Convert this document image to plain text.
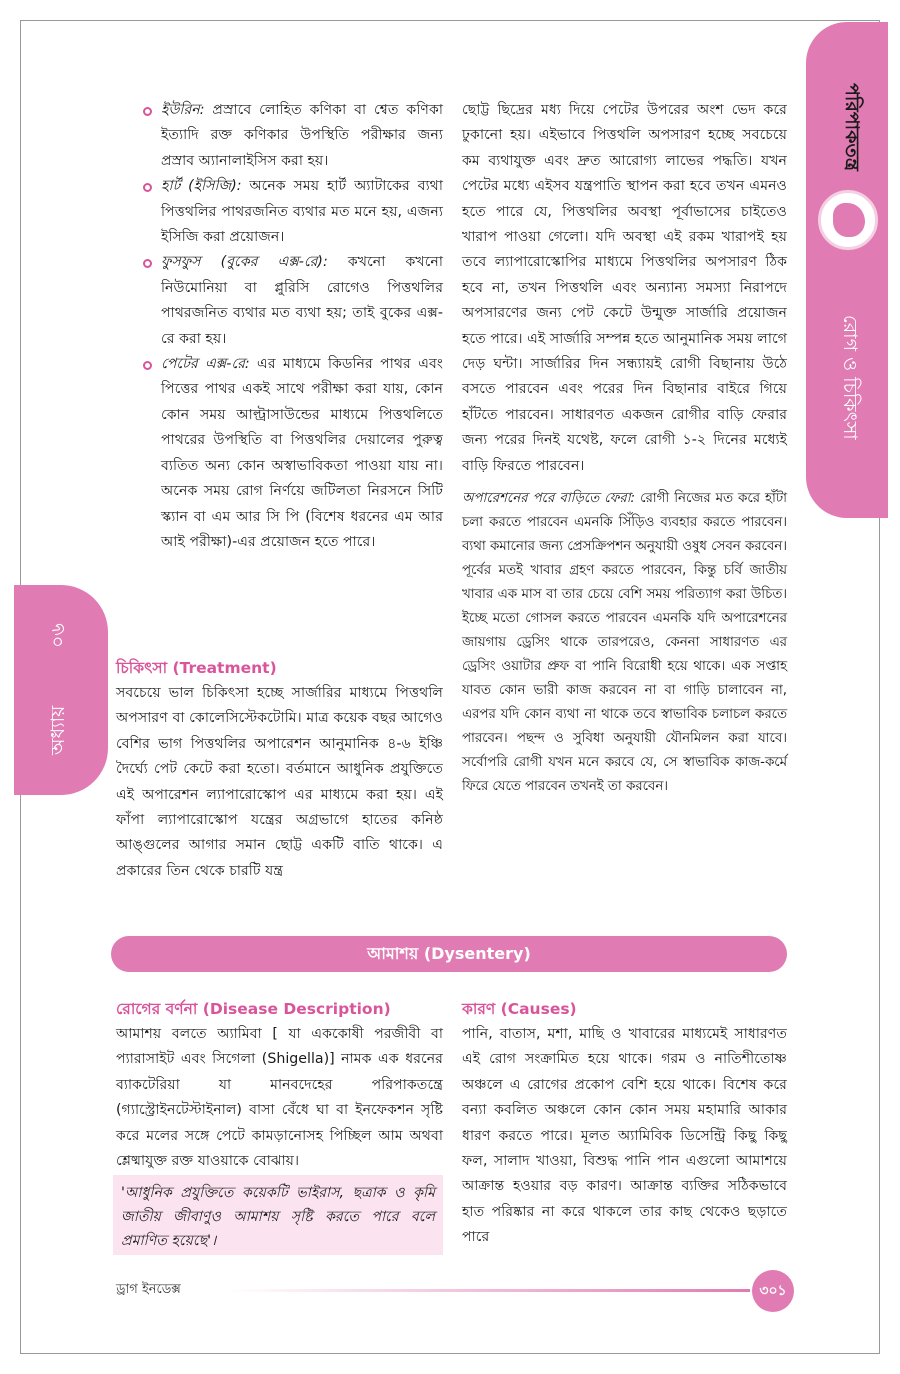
পরিপাকতন্ত্র
রোগ ও চিকিৎসা
০৬
অধ্যায়
ইউরিন: প্রস্রাবে লোহিত কণিকা বা শ্বেত কণিকা ইত্যাদি রক্ত কণিকার উপস্থিতি পরীক্ষার জন্য প্রস্রাব অ্যানালাইসিস করা হয়।
হার্ট (ইসিজি): অনেক সময় হার্ট অ্যাটাকের ব্যথা পিত্তথলির পাথরজনিত ব্যথার মত মনে হয়, এজন্য ইসিজি করা প্রয়োজন।
ফুসফুস (বুকের এক্স-রে): কখনো কখনো নিউমোনিয়া বা প্লুরিসি রোগেও পিত্তথলির পাথরজনিত ব্যথার মত ব্যথা হয়; তাই বুকের এক্স-রে করা হয়।
পেটের এক্স-রে: এর মাধ্যমে কিডনির পাথর এবং পিত্তের পাথর একই সাথে পরীক্ষা করা যায়, কোন কোন সময় আল্ট্রাসাউন্ডের মাধ্যমে পিত্তথলিতে পাথরের উপস্থিতি বা পিত্তথলির দেয়ালের পুরুত্ব ব্যতিত অন্য কোন অস্বাভাবিকতা পাওয়া যায় না। অনেক সময় রোগ নির্ণয়ে জটিলতা নিরসনে সিটি স্ক্যান বা এম আর সি পি (বিশেষ ধরনের এম আর আই পরীক্ষা)-এর প্রয়োজন হতে পারে।
চিকিৎসা (Treatment)

সবচেয়ে ভাল চিকিৎসা হচ্ছে সার্জারির মাধ্যমে পিত্তথলি অপসারণ বা কোলেসিস্টেকটোমি। মাত্র কয়েক বছর আগেও বেশির ভাগ পিত্তথলির অপারেশন আনুমানিক ৪-৬ ইঞ্চি দৈর্ঘ্যে পেট কেটে করা হতো। বর্তমানে আধুনিক প্রযুক্তিতে এই অপারেশন ল্যাপারোস্কোপ এর মাধ্যমে করা হয়। এই ফাঁপা ল্যাপারোস্কোপ যন্ত্রের অগ্রভাগে হাতের কনিষ্ঠ আঙ্গুলের আগার সমান ছোট্ট একটি বাতি থাকে। এ প্রকারের তিন থেকে চারটি যন্ত্র

ছোট্ট ছিদ্রের মধ্য দিয়ে পেটের উপরের অংশ ভেদ করে ঢুকানো হয়। এইভাবে পিত্তথলি অপসারণ হচ্ছে সবচেয়ে কম ব্যথাযুক্ত এবং দ্রুত আরোগ্য লাভের পদ্ধতি। যখন পেটের মধ্যে এইসব যন্ত্রপাতি স্থাপন করা হবে তখন এমনও হতে পারে যে, পিত্তথলির অবস্থা পূর্বাভাসের চাইতেও খারাপ পাওয়া গেলো। যদি অবস্থা এই রকম খারাপই হয় তবে ল্যাপারোস্কোপির মাধ্যমে পিত্তথলির অপসারণ ঠিক হবে না, তখন পিত্তথলি এবং অন্যান্য সমস্যা নিরাপদে অপসারণের জন্য পেট কেটে উন্মুক্ত সার্জারি প্রয়োজন হতে পারে। এই সার্জারি সম্পন্ন হতে আনুমানিক সময় লাগে দেড় ঘন্টা। সার্জারির দিন সন্ধ্যায়ই রোগী বিছানায় উঠে বসতে পারবেন এবং পরের দিন বিছানার বাইরে গিয়ে হাঁটতে পারবেন। সাধারণত একজন রোগীর বাড়ি ফেরার জন্য পরের দিনই যথেষ্ট, ফলে রোগী ১-২ দিনের মধ্যেই বাড়ি ফিরতে পারবেন।

অপারেশনের পরে বাড়িতে ফেরা: রোগী নিজের মত করে হাঁটা চলা করতে পারবেন এমনকি সিঁড়িও ব্যবহার করতে পারবেন। ব্যথা কমানোর জন্য প্রেসক্রিপশন অনুযায়ী ওষুধ সেবন করবেন। পূর্বের মতই খাবার গ্রহণ করতে পারবেন, কিন্তু চর্বি জাতীয় খাবার এক মাস বা তার চেয়ে বেশি সময় পরিত্যাগ করা উচিত। ইচ্ছে মতো গোসল করতে পারবেন এমনকি যদি অপারেশনের জায়গায় ড্রেসিং থাকে তারপরেও, কেননা সাধারণত এর ড্রেসিং ওয়াটার প্রুফ বা পানি বিরোধী হয়ে থাকে। এক সপ্তাহ যাবত কোন ভারী কাজ করবেন না বা গাড়ি চালাবেন না, এরপর যদি কোন ব্যথা না থাকে তবে স্বাভাবিক চলাচল করতে পারবেন। পছন্দ ও সুবিধা অনুযায়ী যৌনমিলন করা যাবে। সর্বোপরি রোগী যখন মনে করবে যে, সে স্বাভাবিক কাজ-কর্মে ফিরে যেতে পারবেন তখনই তা করবেন।

আমাশয় (Dysentery)
রোগের বর্ণনা (Disease Description)

আমাশয় বলতে অ্যামিবা [ যা এককোষী পরজীবী বা প্যারাসাইট এবং সিগেলা (Shigella)] নামক এক ধরনের ব্যাকটেরিয়া যা মানবদেহের পরিপাকতন্ত্রে (গ্যাস্ট্রোইনটেস্টাইনাল) বাসা বেঁধে ঘা বা ইনফেকশন সৃষ্টি করে মলের সঙ্গে পেটে কামড়ানোসহ পিচ্ছিল আম অথবা শ্লেষ্মাযুক্ত রক্ত যাওয়াকে বোঝায়।

'আধুনিক প্রযুক্তিতে কয়েকটি ভাইরাস, ছত্রাক ও কৃমি জাতীয় জীবাণুও আমাশয় সৃষ্টি করতে পারে বলে প্রমাণিত হয়েছে'।
কারণ (Causes)

পানি, বাতাস, মশা, মাছি ও খাবারের মাধ্যমেই সাধারণত এই রোগ সংক্রামিত হয়ে থাকে। গরম ও নাতিশীতোষ্ণ অঞ্চলে এ রোগের প্রকোপ বেশি হয়ে থাকে। বিশেষ করে বন্যা কবলিত অঞ্চলে কোন কোন সময় মহামারি আকার ধারণ করতে পারে। মূলত অ্যামিবিক ডিসেন্ট্রি কিছু কিছু ফল, সালাদ খাওয়া, বিশুদ্ধ পানি পান এগুলো আমাশয়ে আক্রান্ত হওয়ার বড় কারণ। আক্রান্ত ব্যক্তির সঠিকভাবে হাত পরিষ্কার না করে থাকলে তার কাছ থেকেও ছড়াতে পারে

ড্রাগ ইনডেক্স	৩০১
